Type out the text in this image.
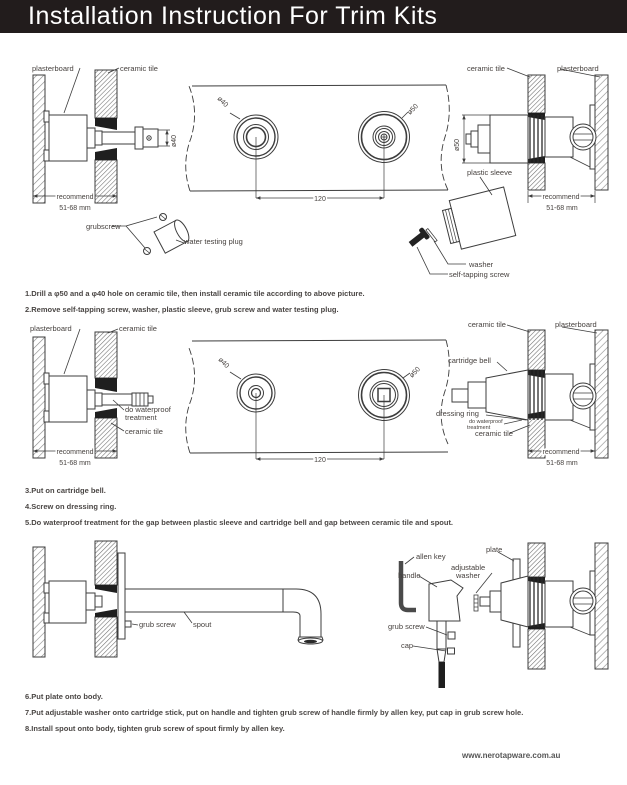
Installation Instruction For Trim Kits
ø40
recommend
51-68 mm
ø40
ø50
120
ø50
recommend
51-68 mm
plasterboard	ceramic tile
grubscrew
water testing plug
ceramic tile	plasterboard
plastic sleeve
washer
self-tapping screw
1.Drill a φ50 and a φ40 hole on ceramic tile, then install ceramic tile according to above picture.
2.Remove self-tapping screw, washer, plastic sleeve, grub screw and water testing plug.
recommend
51-68 mm
ø40
ø50
120
recommend
51-68 mm
plasterboard	ceramic tile
do waterproof
treatment
ceramic tile
ceramic tile	plasterboard
cartridge bell
dressing ring
do waterproof
treatment
ceramic tile
3.Put on cartridge bell.
4.Screw on dressing ring.
5.Do waterproof treatment for the gap between plastic sleeve and cartridge bell and gap between ceramic tile and spout.
grub screw spout
allen key
handle
adjustable
washer
plate
grub screw
cap
6.Put plate onto body.
7.Put adjustable washer onto cartridge stick, put on handle and tighten grub screw of handle firmly by allen key, put cap in grub screw hole.
8.Install spout onto body, tighten grub screw of spout firmly by allen key.
www.nerotapware.com.au
